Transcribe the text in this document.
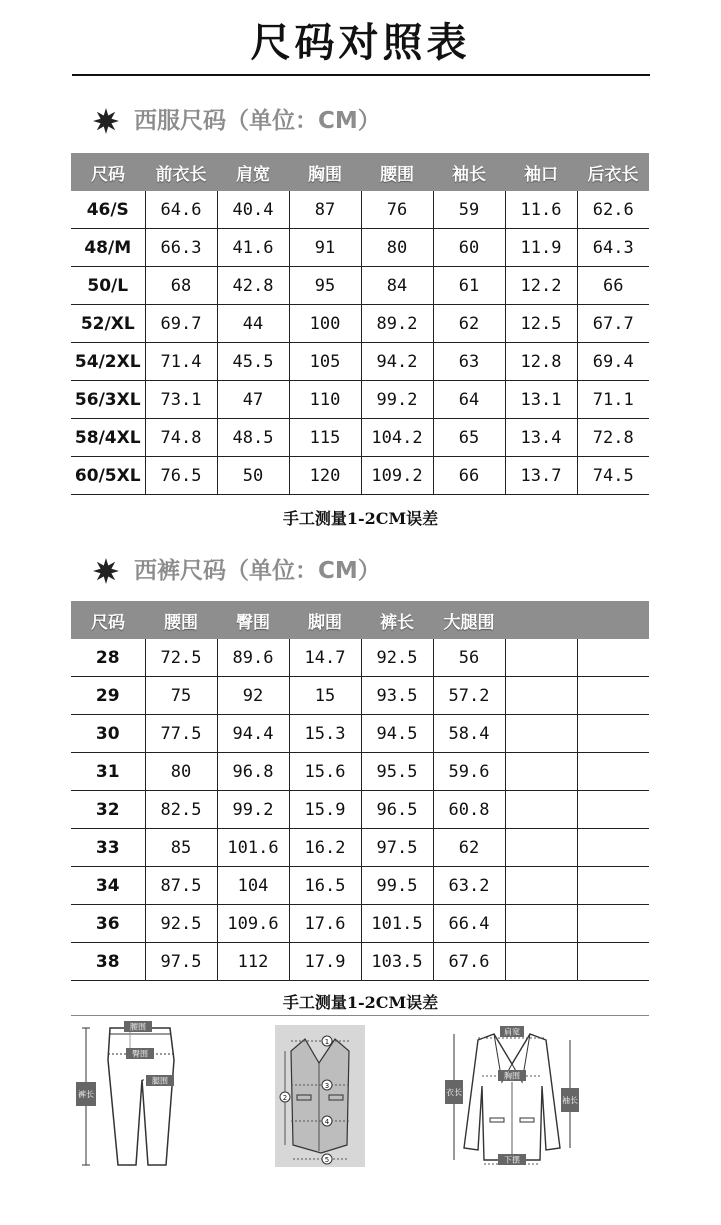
尺码对照表
西服尺码（单位：CM）
尺码	前衣长	肩宽	胸围	腰围	袖长	袖口	后衣长
46/S	64.6	40.4	87	76	59	11.6	62.6
48/M	66.3	41.6	91	80	60	11.9	64.3
50/L	68	42.8	95	84	61	12.2	66
52/XL	69.7	44	100	89.2	62	12.5	67.7
54/2XL	71.4	45.5	105	94.2	63	12.8	69.4
56/3XL	73.1	47	110	99.2	64	13.1	71.1
58/4XL	74.8	48.5	115	104.2	65	13.4	72.8
60/5XL	76.5	50	120	109.2	66	13.7	74.5
手工测量1-2CM误差
西裤尺码（单位：CM）
尺码	腰围	臀围	脚围	裤长	大腿围		
28	72.5	89.6	14.7	92.5	56		
29	75	92	15	93.5	57.2		
30	77.5	94.4	15.3	94.5	58.4		
31	80	96.8	15.6	95.5	59.6		
32	82.5	99.2	15.9	96.5	60.8		
33	85	101.6	16.2	97.5	62		
34	87.5	104	16.5	99.5	63.2		
36	92.5	109.6	17.6	101.5	66.4		
38	97.5	112	17.9	103.5	67.6		
手工测量1-2CM误差
腰围
臀围
腿围
裤长
1
2
3
4
5
肩宽
胸围
衣长
袖长
下摆
